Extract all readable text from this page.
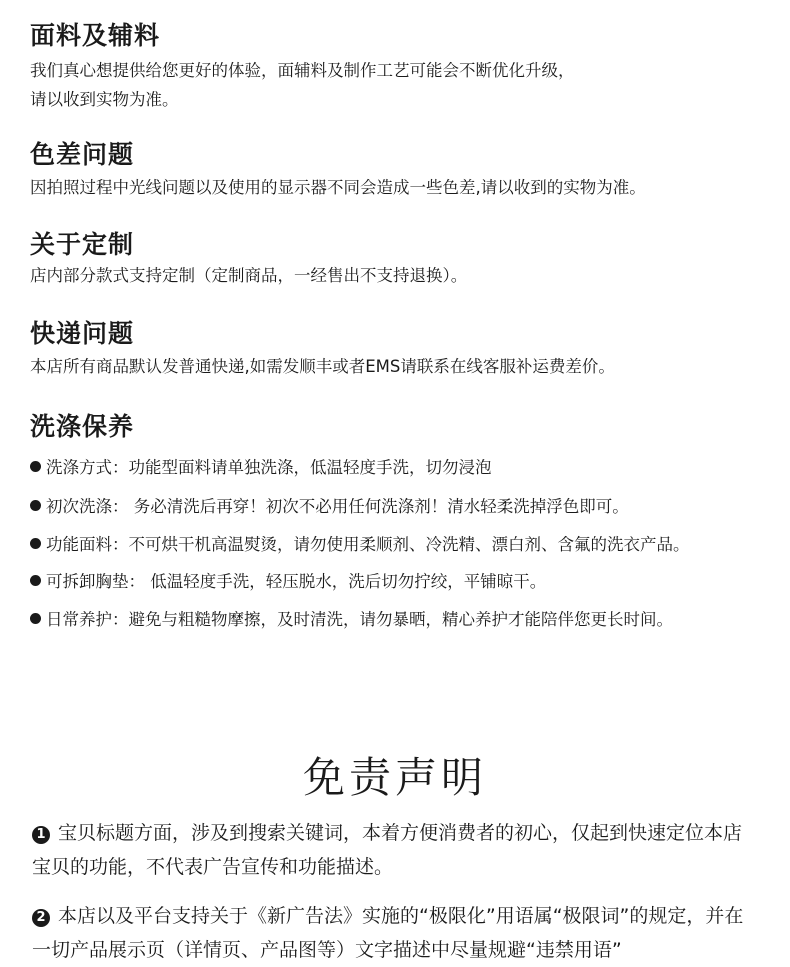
面料及辅料

我们真心想提供给您更好的体验，面辅料及制作工艺可能会不断优化升级，

请以收到实物为准。

色差问题

因拍照过程中光线问题以及使用的显示器不同会造成一些色差,请以收到的实物为准。

关于定制

店内部分款式支持定制（定制商品，一经售出不支持退换）。

快递问题

本店所有商品默认发普通快递,如需发顺丰或者EMS请联系在线客服补运费差价。

洗涤保养
洗涤方式：功能型面料请单独洗涤，低温轻度手洗，切勿浸泡
初次洗涤： 务必清洗后再穿！初次不必用任何洗涤剂！清水轻柔洗掉浮色即可。
功能面料：不可烘干机高温熨烫，请勿使用柔顺剂、冷洗精、漂白剂、含氟的洗衣产品。
可拆卸胸垫： 低温轻度手洗，轻压脱水，洗后切勿拧绞，平铺晾干。
日常养护：避免与粗糙物摩擦，及时清洗，请勿暴晒，精心养护才能陪伴您更长时间。
免责声明
1 宝贝标题方面，涉及到搜索关键词，本着方便消费者的初心，仅起到快速定位本店宝贝的功能，不代表广告宣传和功能描述。
2 本店以及平台支持关于《新广告法》实施的“极限化”用语属“极限词”的规定，并在一切产品展示页（详情页、产品图等）文字描述中尽量规避“违禁用语”
